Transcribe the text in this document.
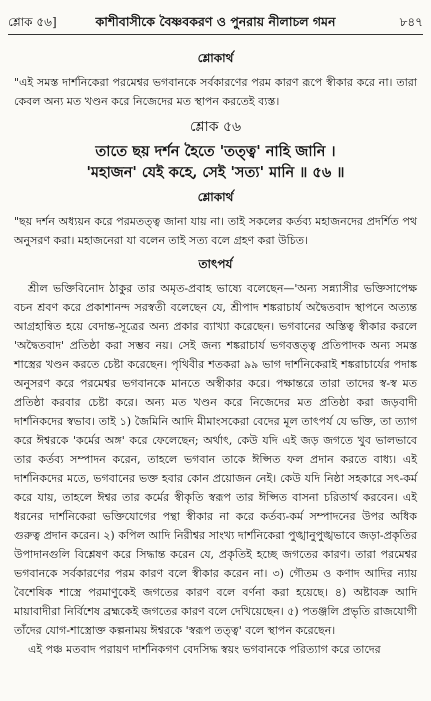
শ্লোক ৫৬]	কাশীবাসীকে বৈষ্ণবকরণ ও পুনরায় নীলাচল গমন	৮৪৭
শ্লোকার্থ

"এই সমস্ত দার্শনিকেরা পরমেশ্বর ভগবানকে সর্বকারণের পরম কারণ রূপে স্বীকার করে না। তারা কেবল অন্য মত খণ্ডন করে নিজেদের মত স্থাপন করতেই ব্যস্ত।

শ্লোক ৫৬

তাতে ছয় দর্শন হৈতে 'তত্ত্ব' নাহি জানি ।

'মহাজন' যেই কহে, সেই 'সত্য' মানি ॥ ৫৬ ॥

শ্লোকার্থ

"ছয় দর্শন অধ্যয়ন করে পরমতত্ত্ব জানা যায় না। তাই সকলের কর্তব্য মহাজনদের প্রদর্শিত পথ অনুসরণ করা। মহাজনেরা যা বলেন তাই সত্য বলে গ্রহণ করা উচিত।

তাৎপর্য

শ্রীল ভক্তিবিনোদ ঠাকুর তার অমৃত-প্রবাহ ভাষ্যে বলেছেন—'অন্য সন্ন্যাসীর ভক্তিসাপেক্ষ বচন শ্রবণ করে প্রকাশানন্দ সরস্বতী বলেছেন যে, শ্রীপাদ শঙ্করাচার্য অদ্বৈতবাদ স্থাপনে অত্যন্ত আগ্রহান্বিত হয়ে বেদান্ত-সূত্রের অন্য প্রকার ব্যাখ্যা করেছেন। ভগবানের অস্তিত্ব স্বীকার করলে 'অদ্বৈতবাদ' প্রতিষ্ঠা করা সম্ভব নয়। সেই জন্য শঙ্করাচার্য ভগবত্তত্ত্ব প্রতিপাদক অন্য সমস্ত শাস্ত্রের খণ্ডন করতে চেষ্টা করেছেন। পৃথিবীর শতকরা ৯৯ ভাগ দার্শনিকেরাই শঙ্করাচার্যের পদাঙ্ক অনুসরণ করে পরমেশ্বর ভগবানকে মানতে অস্বীকার করে। পক্ষান্তরে তারা তাদের স্ব-স্ব মত প্রতিষ্ঠা করবার চেষ্টা করে। অন্য মত খণ্ডন করে নিজেদের মত প্রতিষ্ঠা করা জড়বাদী দার্শনিকদের স্বভাব। তাই ১) জৈমিনি আদি মীমাংসকেরা বেদের মূল তাৎপর্য যে ভক্তি, তা ত্যাগ করে ঈশ্বরকে 'কর্মের অঙ্গ' করে ফেলেছেন; অর্থাৎ, কেউ যদি এই জড় জগতে খুব ভালভাবে তার কর্তব্য সম্পাদন করেন, তাহলে ভগবান তাকে ঈপ্সিত ফল প্রদান করতে বাধ্য। এই দার্শনিকদের মতে, ভগবানের ভক্ত হবার কোন প্রয়োজন নেই। কেউ যদি নিষ্ঠা সহকারে সৎ-কর্ম করে যায়, তাহলে ঈশ্বর তার কর্মের স্বীকৃতি স্বরূপ তার ঈপ্সিত বাসনা চরিতার্থ করবেন। এই ধরনের দার্শনিকেরা ভক্তিযোগের পন্থা স্বীকার না করে কর্তব্য-কর্ম সম্পাদনের উপর অধিক গুরুত্ব প্রদান করেন। ২) কপিল আদি নিরীশ্বর সাংখ্য দার্শনিকেরা পুঙ্খানুপুঙ্খভাবে জড়া-প্রকৃতির উপাদানগুলি বিশ্লেষণ করে সিদ্ধান্ত করেন যে, প্রকৃতিই হচ্ছে জগতের কারণ। তারা পরমেশ্বর ভগবানকে সর্বকারণের পরম কারণ বলে স্বীকার করেন না। ৩) গৌতম ও কণাদ আদির ন্যায় বৈশেষিক শাস্ত্রে পরমাণুকেই জগতের কারণ বলে বর্ণনা করা হয়েছে। ৪) অষ্টাবক্র আদি মায়াবাদীরা নির্বিশেষ ব্রহ্মকেই জগতের কারণ বলে দেখিয়েছেন। ৫) পতঞ্জলি প্রভৃতি রাজযোগী তাঁদের যোগ-শাস্ত্রোক্ত কল্পনাময় ঈশ্বরকে 'স্বরূপ তত্ত্ব' বলে স্থাপন করেছেন।

এই পঞ্চ মতবাদ পরায়ণ দার্শনিকগণ বেদসিদ্ধ স্বয়ং ভগবানকে পরিত্যাগ করে তাদের
